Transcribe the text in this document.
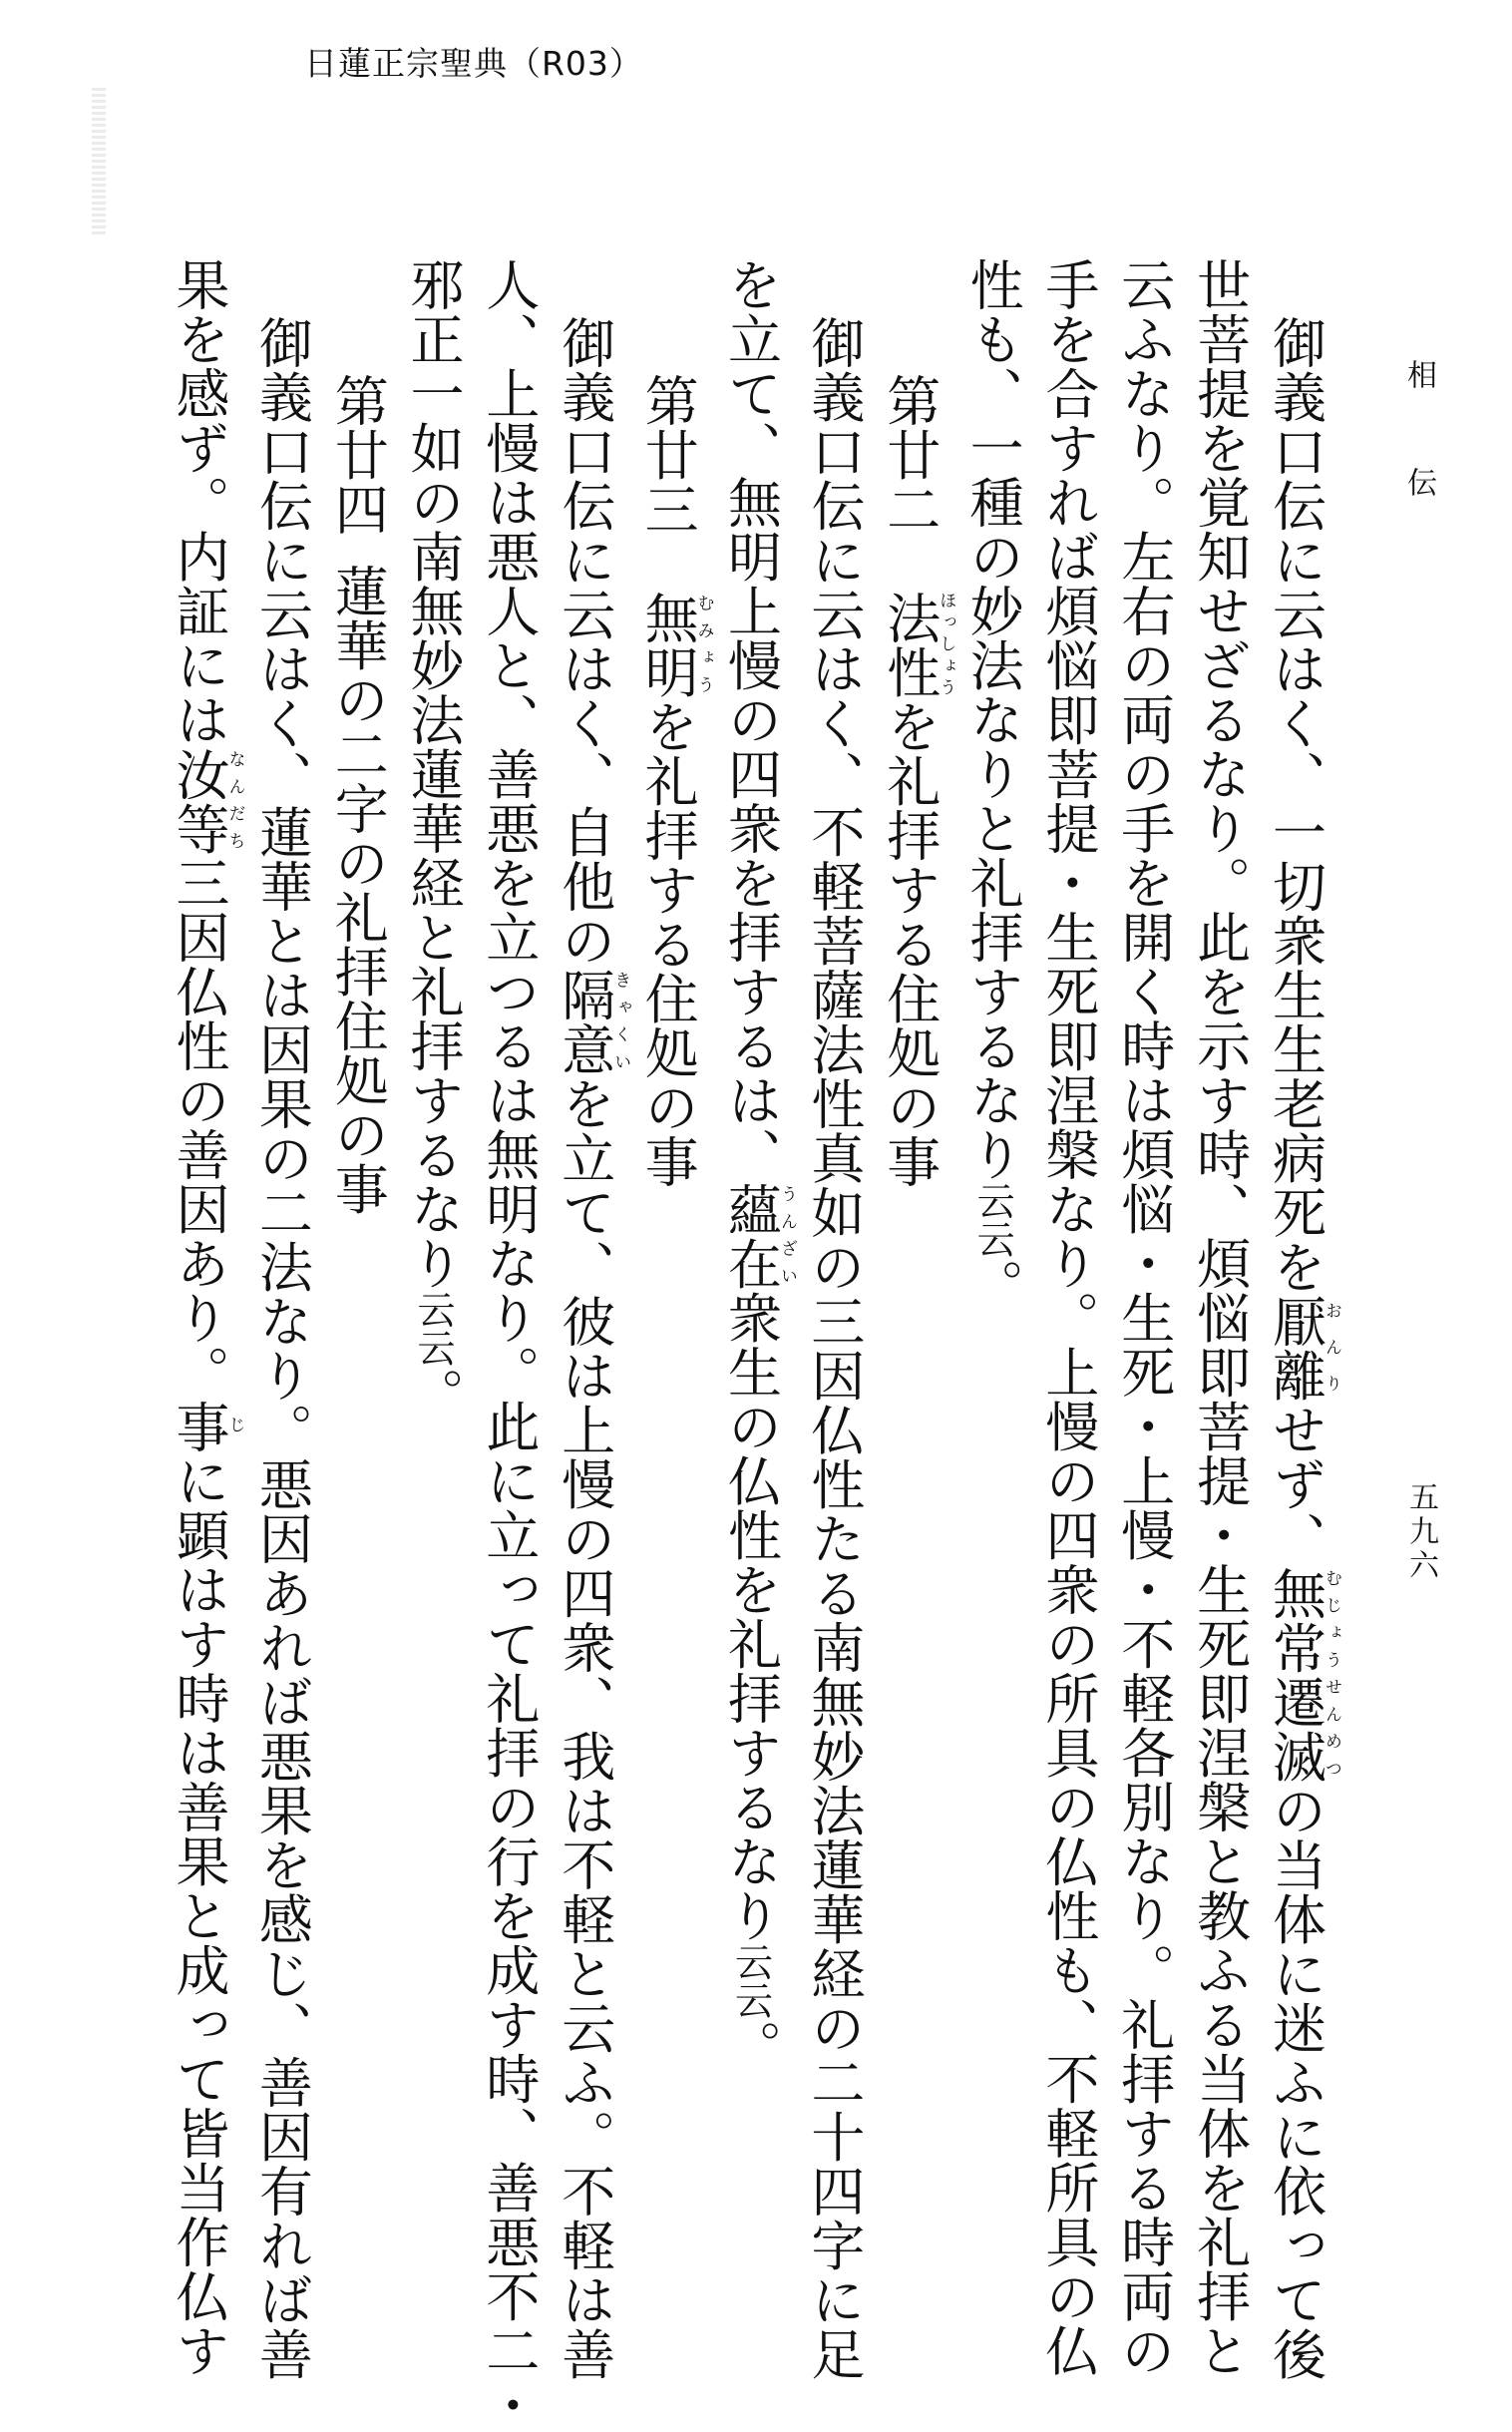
日蓮正宗聖典（R03）
相伝
五九六
御義口伝に云はく、一切衆生生老病死を厭離おんりせず、無常遷滅むじょうせんめつの当体に迷ふに依って後
世菩提を覚知せざるなり。此を示す時、煩悩即菩提・生死即涅槃と教ふる当体を礼拝と
云ふなり。左右の両の手を開く時は煩悩・生死・上慢・不軽各別なり。礼拝する時両の
手を合すれば煩悩即菩提・生死即涅槃なり。上慢の四衆の所具の仏性も、不軽所具の仏
性も、一種の妙法なりと礼拝するなり云云。
第廿二法性ほっしょうを礼拝する住処の事
御義口伝に云はく、不軽菩薩法性真如の三因仏性たる南無妙法蓮華経の二十四字に足
を立て、無明上慢の四衆を拝するは、蘊在うんざい衆生の仏性を礼拝するなり云云。
第廿三無明むみょうを礼拝する住処の事
御義口伝に云はく、自他の隔意きゃくいを立て、彼は上慢の四衆、我は不軽と云ふ。不軽は善
人、上慢は悪人と、善悪を立つるは無明なり。此に立って礼拝の行を成す時、善悪不二・
邪正一如の南無妙法蓮華経と礼拝するなり云云。
第廿四蓮華の二字の礼拝住処の事
御義口伝に云はく、蓮華とは因果の二法なり。悪因あれば悪果を感じ、善因有れば善
果を感ず。内証には汝等なんだち三因仏性の善因あり。事じに顕はす時は善果と成って皆当作仏す
